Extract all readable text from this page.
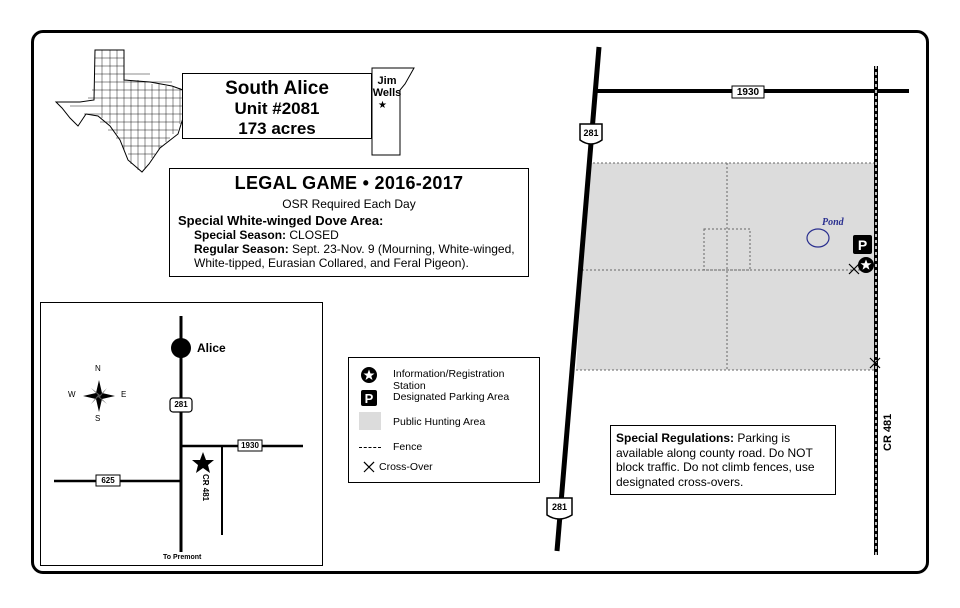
South Alice
Unit #2081
173 acres
Jim Wells
★
LEGAL GAME • 2016-2017
OSR Required Each Day
Special White-winged Dove Area:
Special Season: CLOSED
Regular Season: Sept. 23-Nov. 9 (Mourning, White-winged,
White-tipped, Eurasian Collared, and Feral Pigeon).
Alice
N
S
E
W
281
1930
625	CR 481
To Premont
Information/Registration Station
P Designated Parking Area
Public Hunting Area
Fence
Cross-Over
P
1930
281
281
Pond
CR 481
Special Regulations: Parking is
available along county road. Do NOT
block traffic. Do not climb fences, use
designated cross-overs.
